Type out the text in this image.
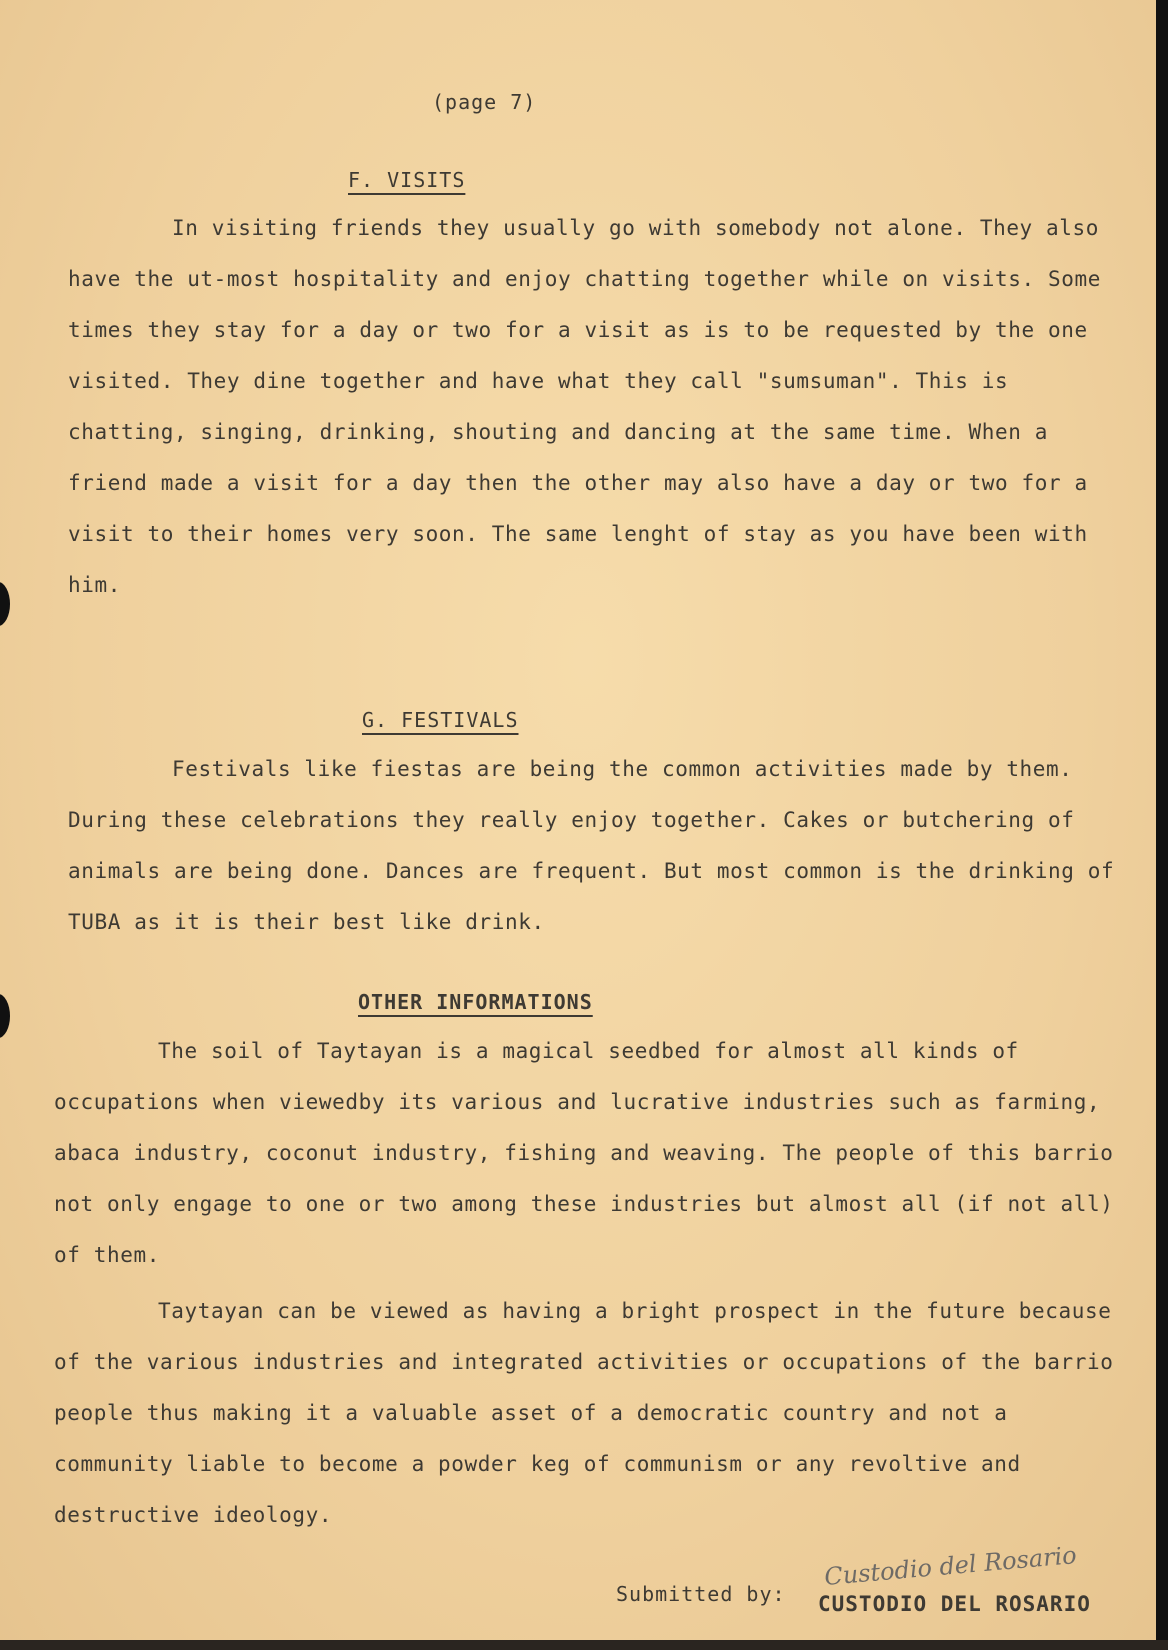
(page 7)
F. VISITS

In visiting friends they usually go with somebody not alone. They also have the ut-most hospitality and enjoy chatting together while on visits. Some times they stay for a day or two for a visit as is to be requested by the one visited. They dine together and have what they call "sumsuman". This is chatting, singing, drinking, shouting and dancing at the same time. When a friend made a visit for a day then the other may also have a day or two for a visit to their homes very soon. The same lenght of stay as you have been with him.

G. FESTIVALS

Festivals like fiestas are being the common activities made by them. During these celebrations they really enjoy together. Cakes or butchering of animals are being done. Dances are frequent. But most common is the drinking of TUBA as it is their best like drink.

OTHER INFORMATIONS

The soil of Taytayan is a magical seedbed for almost all kinds of occupations when viewedby its various and lucrative industries such as farming, abaca industry, coconut industry, fishing and weaving. The people of this barrio not only engage to one or two among these industries but almost all (if not all) of them.

Taytayan can be viewed as having a bright prospect in the future because of the various industries and integrated activities or occupations of the barrio people thus making it a valuable asset of a democratic country and not a community liable to become a powder keg of communism or any revoltive and destructive ideology.

Submitted by:
Custodio del Rosario
CUSTODIO DEL ROSARIO
